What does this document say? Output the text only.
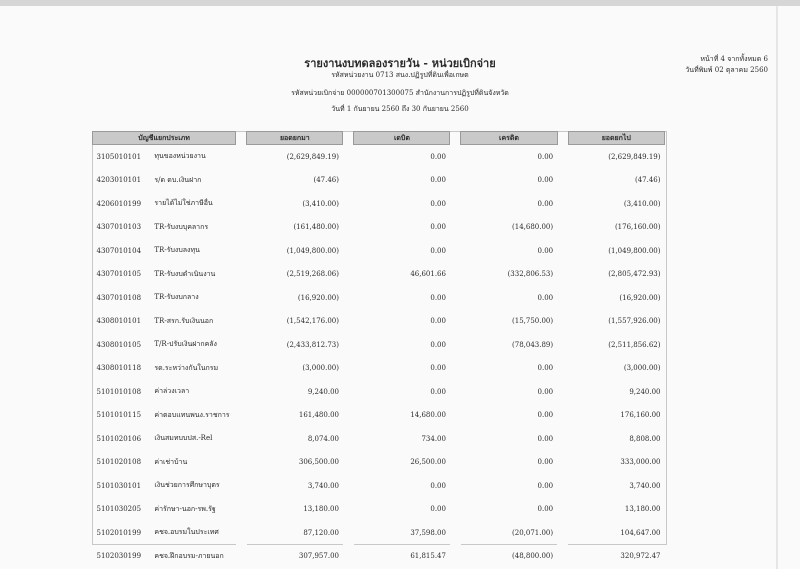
รายงานงบทดลองรายวัน - หน่วยเบิกจ่าย
รหัสหน่วยงาน 0713 สนง.ปฏิรูปที่ดินเพื่อเกษต
รหัสหน่วยเบิกจ่าย 000000701300075 สำนักงานการปฏิรูปที่ดินจังหวัด
วันที่ 1 กันยายน 2560 ถึง 30 กันยายน 2560
หน้าที่ 4 จากทั้งหมด 6
วันที่พิมพ์ 02 ตุลาคม 2560
บัญชีแยกประเภท			ยอดยกมา		เดบิต		เครดิต		ยอดยกไป
3105010101	ทุนของหน่วยงาน		(2,629,849.19)		0.00		0.00		(2,629,849.19)
4203010101	ร/ด ดบ.เงินฝาก		(47.46)		0.00		0.00		(47.46)
4206010199	รายได้ไม่ใช่ภาษีอื่น		(3,410.00)		0.00		0.00		(3,410.00)
4307010103	TR-รับงบบุคลากร		(161,480.00)		0.00		(14,680.00)		(176,160.00)
4307010104	TR-รับงบลงทุน		(1,049,800.00)		0.00		0.00		(1,049,800.00)
4307010105	TR-รับงบดำเนินงาน		(2,519,268.06)		46,601.66		(332,806.53)		(2,805,472.93)
4307010108	TR-รับงบกลาง		(16,920.00)		0.00		0.00		(16,920.00)
4308010101	TR-สรก.รับเงินนอก		(1,542,176.00)		0.00		(15,750.00)		(1,557,926.00)
4308010105	T/R-ปรับเงินฝากคลัง		(2,433,812.73)		0.00		(78,043.89)		(2,511,856.62)
4308010118	รด.ระหว่างกันในกรม		(3,000.00)		0.00		0.00		(3,000.00)
5101010108	ค่าล่วงเวลา		9,240.00		0.00		0.00		9,240.00
5101010115	ค่าตอบแทนพนง.ราชการ		161,480.00		14,680.00		0.00		176,160.00
5101020106	เงินสมทบบปส.-Rel		8,074.00		734.00		0.00		8,808.00
5101020108	ค่าเช่าบ้าน		306,500.00		26,500.00		0.00		333,000.00
5101030101	เงินช่วยการศึกษาบุตร		3,740.00		0.00		0.00		3,740.00
5101030205	ค่ารักษา-นอก-รพ.รัฐ		13,180.00		0.00		0.00		13,180.00
5102010199	คชจ.อบรมในประเทศ		87,120.00		37,598.00		(20,071.00)		104,647.00
5102030199	คชจ.ฝึกอบรม-ภายนอก		307,957.00		61,815.47		(48,800.00)		320,972.47
